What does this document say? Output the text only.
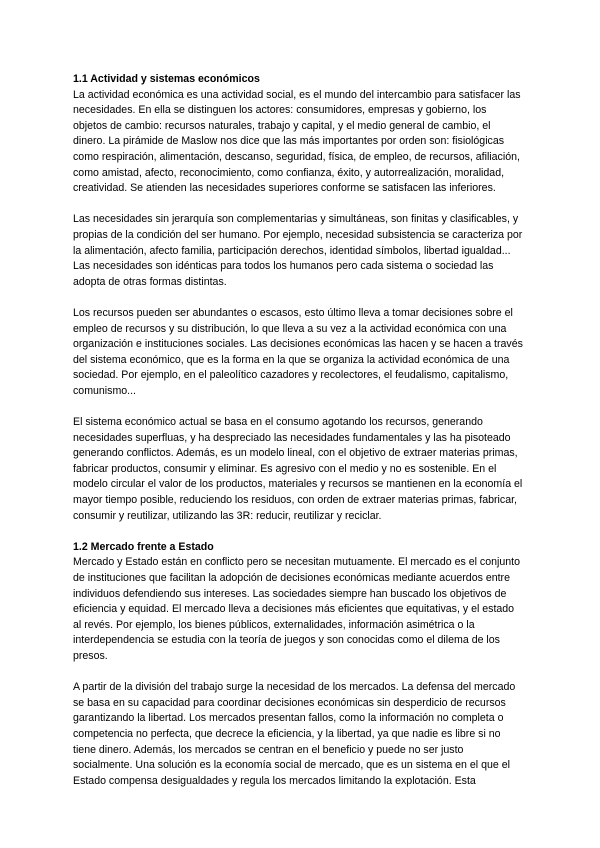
1.1 Actividad y sistemas económicos

La actividad económica es una actividad social, es el mundo del intercambio para satisfacer las necesidades. En ella se distinguen los actores: consumidores, empresas y gobierno, los objetos de cambio: recursos naturales, trabajo y capital, y el medio general de cambio, el dinero. La pirámide de Maslow nos dice que las más importantes por orden son: fisiológicas como respiración, alimentación, descanso, seguridad, física, de empleo, de recursos, afiliación, como amistad, afecto, reconocimiento, como confianza, éxito, y autorrealización, moralidad, creatividad. Se atienden las necesidades superiores conforme se satisfacen las inferiores.

Las necesidades sin jerarquía son complementarias y simultáneas, son finitas y clasificables, y propias de la condición del ser humano. Por ejemplo, necesidad subsistencia se caracteriza por la alimentación, afecto familia, participación derechos, identidad símbolos, libertad igualdad... Las necesidades son idénticas para todos los humanos pero cada sistema o sociedad las adopta de otras formas distintas.

Los recursos pueden ser abundantes o escasos, esto último lleva a tomar decisiones sobre el empleo de recursos y su distribución, lo que lleva a su vez a la actividad económica con una organización e instituciones sociales. Las decisiones económicas las hacen y se hacen a través del sistema económico, que es la forma en la que se organiza la actividad económica de una sociedad. Por ejemplo, en el paleolítico cazadores y recolectores, el feudalismo, capitalismo, comunismo...

El sistema económico actual se basa en el consumo agotando los recursos, generando necesidades superfluas, y ha despreciado las necesidades fundamentales y las ha pisoteado generando conflictos. Además, es un modelo lineal, con el objetivo de extraer materias primas, fabricar productos, consumir y eliminar. Es agresivo con el medio y no es sostenible. En el modelo circular el valor de los productos, materiales y recursos se mantienen en la economía el mayor tiempo posible, reduciendo los residuos, con orden de extraer materias primas, fabricar, consumir y reutilizar, utilizando las 3R: reducir, reutilizar y reciclar.

1.2 Mercado frente a Estado

Mercado y Estado están en conflicto pero se necesitan mutuamente. El mercado es el conjunto de instituciones que facilitan la adopción de decisiones económicas mediante acuerdos entre individuos defendiendo sus intereses. Las sociedades siempre han buscado los objetivos de eficiencia y equidad. El mercado lleva a decisiones más eficientes que equitativas, y el estado al revés. Por ejemplo, los bienes públicos, externalidades, información asimétrica o la interdependencia se estudia con la teoría de juegos y son conocidas como el dilema de los presos.

A partir de la división del trabajo surge la necesidad de los mercados. La defensa del mercado se basa en su capacidad para coordinar decisiones económicas sin desperdicio de recursos garantizando la libertad. Los mercados presentan fallos, como la información no completa o competencia no perfecta, que decrece la eficiencia, y la libertad, ya que nadie es libre si no tiene dinero. Además, los mercados se centran en el beneficio y puede no ser justo socialmente. Una solución es la economía social de mercado, que es un sistema en el que el Estado compensa desigualdades y regula los mercados limitando la explotación. Esta
